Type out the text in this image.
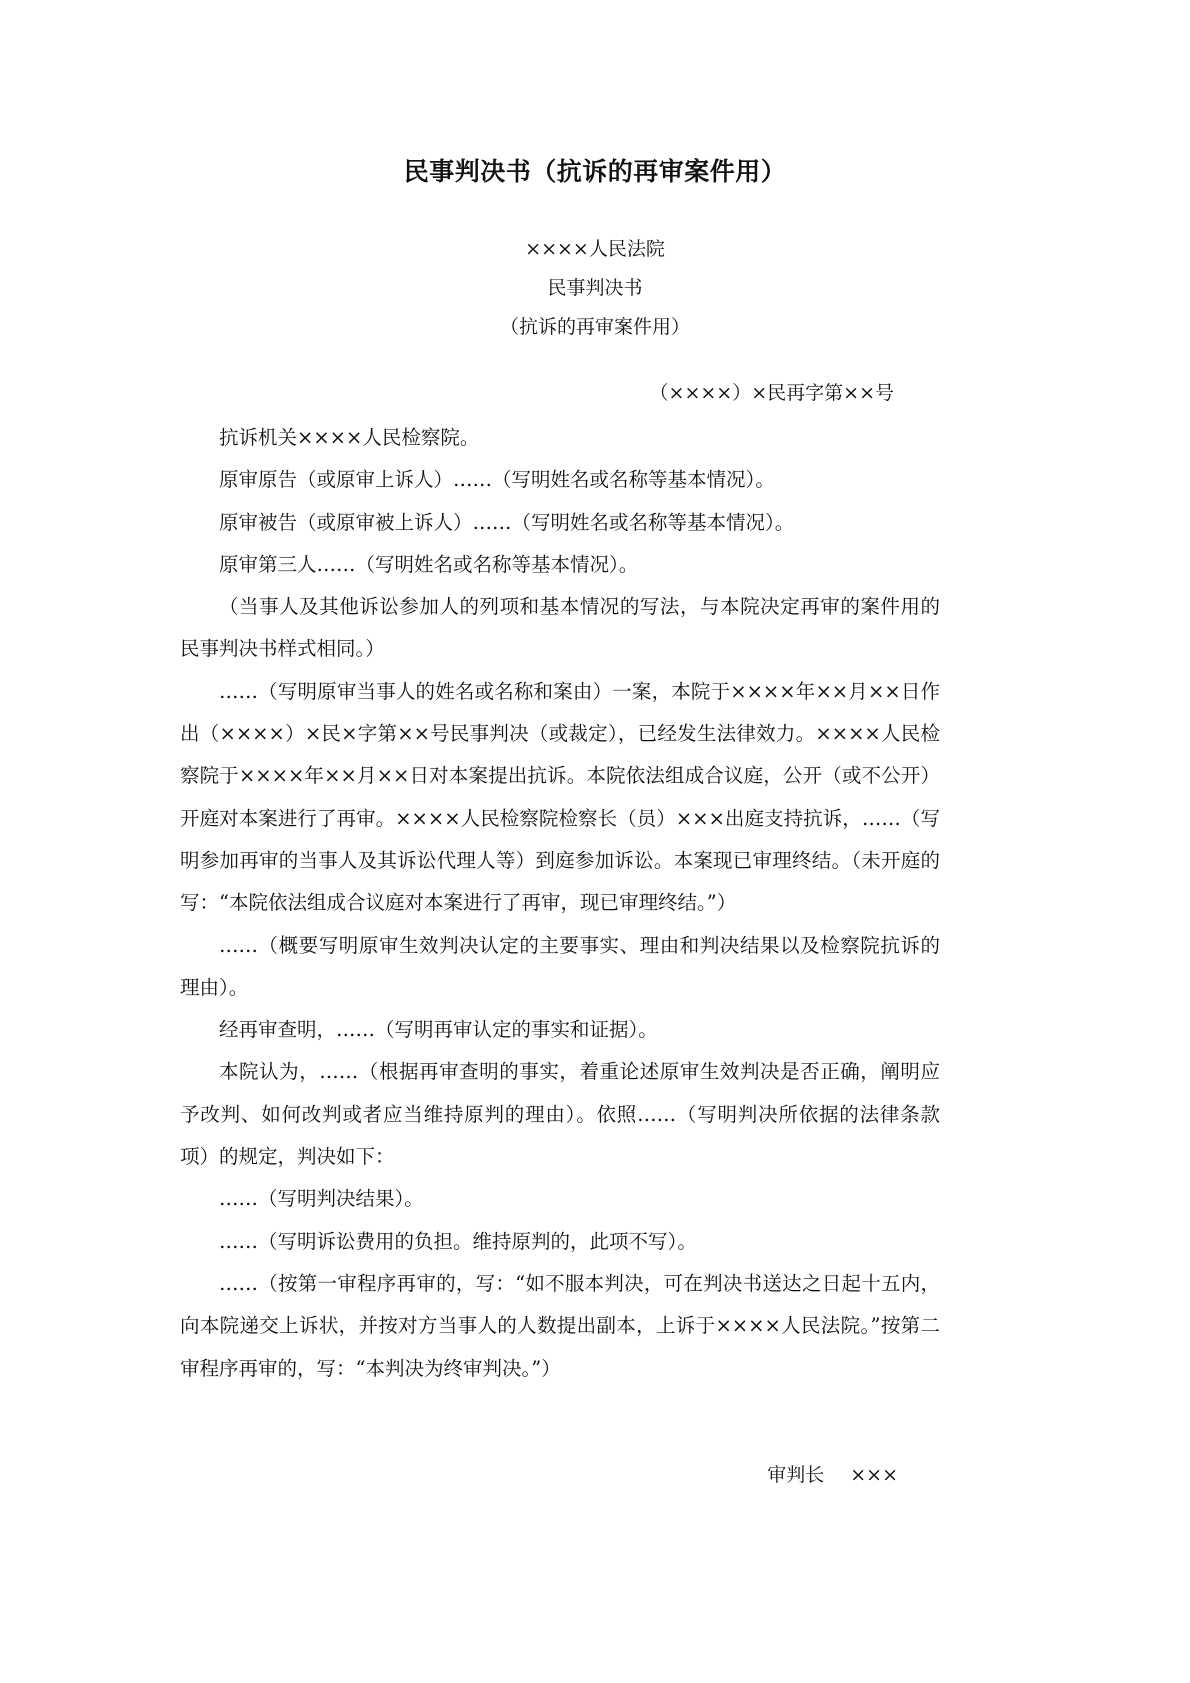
民事判决书（抗诉的再审案件用）

××××人民法院

民事判决书

（抗诉的再审案件用）

（××××）×民再字第××号

抗诉机关××××人民检察院。

原审原告（或原审上诉人）……（写明姓名或名称等基本情况）。

原审被告（或原审被上诉人）……（写明姓名或名称等基本情况）。

原审第三人……（写明姓名或名称等基本情况）。

（当事人及其他诉讼参加人的列项和基本情况的写法，与本院决定再审的案件用的民事判决书样式相同。）

……（写明原审当事人的姓名或名称和案由）一案，本院于××××年××月××日作出（××××）×民×字第××号民事判决（或裁定），已经发生法律效力。××××人民检察院于××××年××月××日对本案提出抗诉。本院依法组成合议庭，公开（或不公开）开庭对本案进行了再审。××××人民检察院检察长（员）×××出庭支持抗诉，……（写明参加再审的当事人及其诉讼代理人等）到庭参加诉讼。本案现已审理终结。（未开庭的写：“本院依法组成合议庭对本案进行了再审，现已审理终结。”）

……（概要写明原审生效判决认定的主要事实、理由和判决结果以及检察院抗诉的理由）。

经再审查明，……（写明再审认定的事实和证据）。

本院认为，……（根据再审查明的事实，着重论述原审生效判决是否正确，阐明应予改判、如何改判或者应当维持原判的理由）。依照……（写明判决所依据的法律条款项）的规定，判决如下：

……（写明判决结果）。

……（写明诉讼费用的负担。维持原判的，此项不写）。

……（按第一审程序再审的，写：“如不服本判决，可在判决书送达之日起十五内，向本院递交上诉状，并按对方当事人的人数提出副本，上诉于××××人民法院。”按第二审程序再审的，写：“本判决为终审判决。”）

审判长 ×××
